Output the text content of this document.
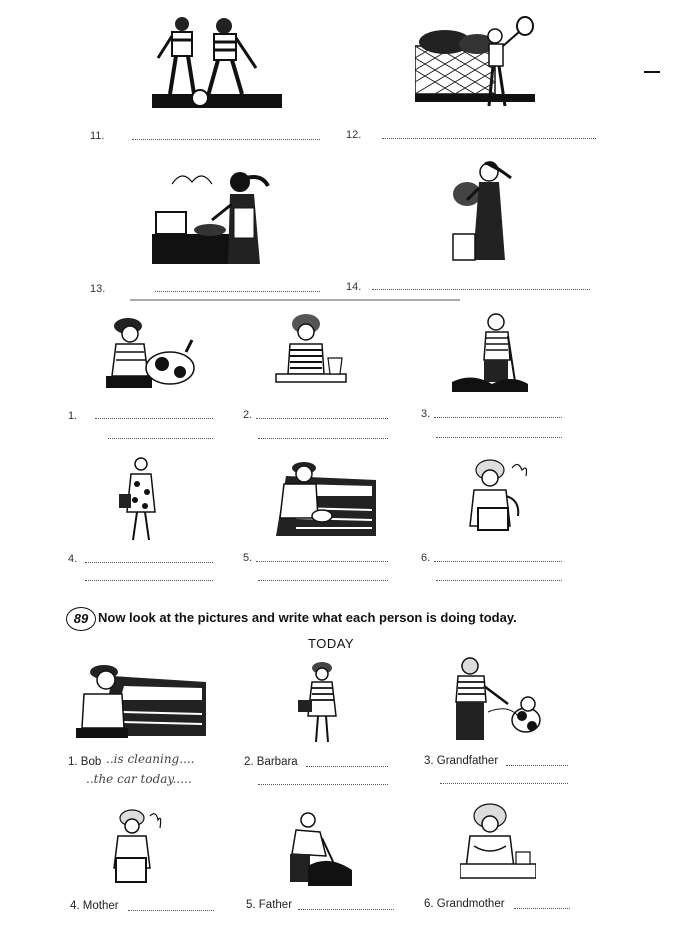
11.	12.
13.	14.
1.	2.	3.
4.	5.	6.
89 Now look at the pictures and write what each person is doing today.
TODAY
1. Bob ..is cleaning....
..the car today.....
2. Barbara	3. Grandfather
4. Mother	5. Father	6. Grandmother
